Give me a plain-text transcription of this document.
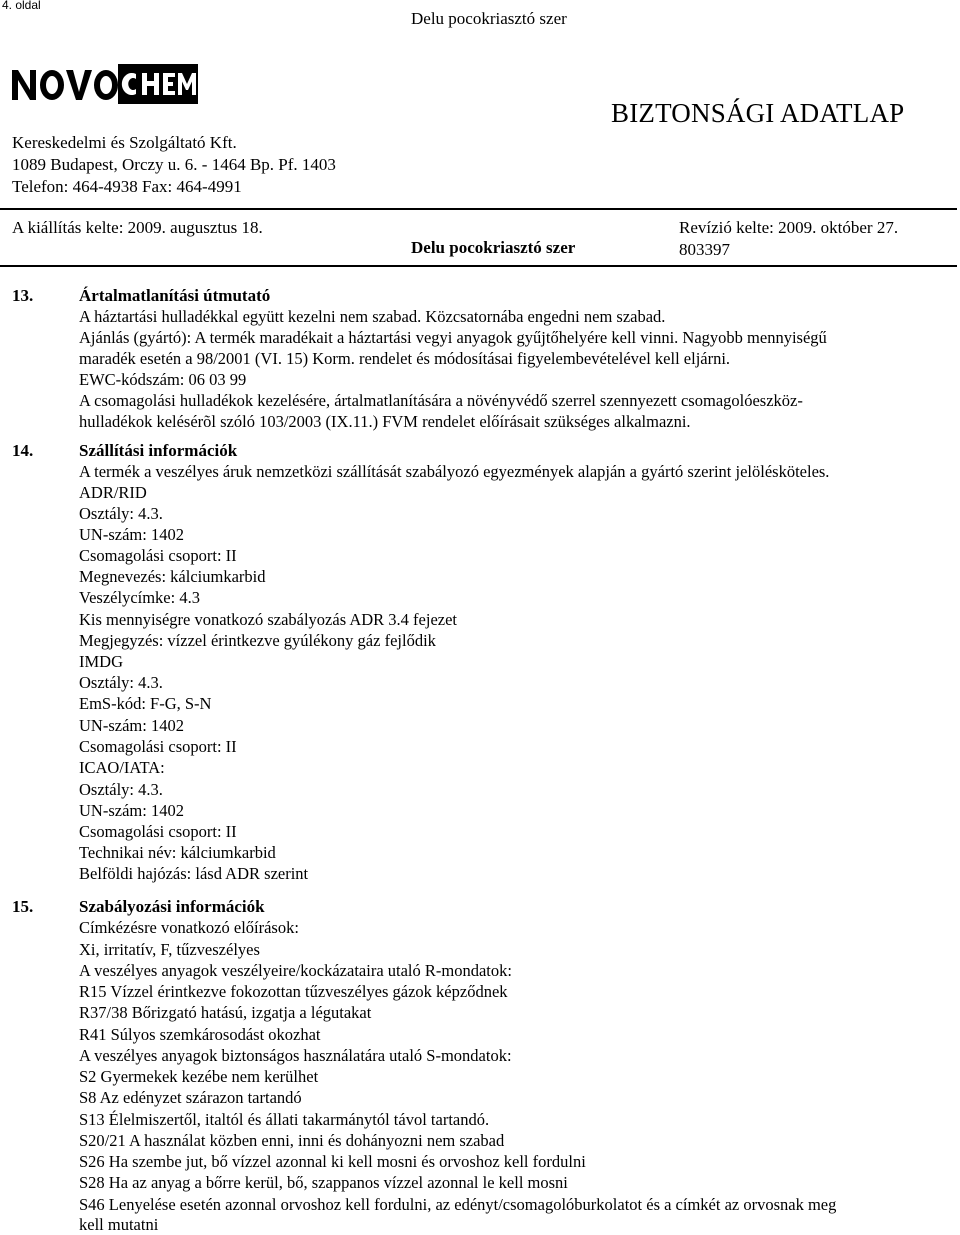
4. oldal
Delu pocokriasztó szer
Kereskedelmi és Szolgáltató Kft.
1089 Budapest, Orczy u. 6. - 1464 Bp. Pf. 1403
Telefon: 464-4938 Fax: 464-4991
BIZTONSÁGI ADATLAP
A kiállítás kelte: 2009. augusztus 18.
Delu pocokriasztó szer
Revízió kelte: 2009. október 27.
803397
13.	Ártalmatlanítási útmutató
A háztartási hulladékkal együtt kezelni nem szabad. Közcsatornába engedni nem szabad.
Ajánlás (gyártó): A termék maradékait a háztartási vegyi anyagok gyűjtőhelyére kell vinni. Nagyobb mennyiségű
maradék esetén a 98/2001 (VI. 15) Korm. rendelet és módosításai figyelembevételével kell eljárni.
EWC-kódszám: 06 03 99
A csomagolási hulladékok kezelésére, ártalmatlanítására a növényvédő szerrel szennyezett csomagolóeszköz-
hulladékok kelésérõl szóló 103/2003 (IX.11.) FVM rendelet előírásait szükséges alkalmazni.
14.	Szállítási információk
A termék a veszélyes áruk nemzetközi szállítását szabályozó egyezmények alapján a gyártó szerint jelölésköteles.
ADR/RID
Osztály: 4.3.
UN-szám: 1402
Csomagolási csoport: II
Megnevezés: kálciumkarbid
Veszélycímke: 4.3
Kis mennyiségre vonatkozó szabályozás ADR 3.4 fejezet
Megjegyzés: vízzel érintkezve gyúlékony gáz fejlődik
IMDG
Osztály: 4.3.
EmS-kód: F-G, S-N
UN-szám: 1402
Csomagolási csoport: II
ICAO/IATA:
Osztály: 4.3.
UN-szám: 1402
Csomagolási csoport: II
Technikai név: kálciumkarbid
Belföldi hajózás: lásd ADR szerint
15.	Szabályozási információk
Címkézésre vonatkozó előírások:
Xi, irritatív, F, tűzveszélyes
A veszélyes anyagok veszélyeire/kockázataira utaló R-mondatok:
R15 Vízzel érintkezve fokozottan tűzveszélyes gázok képződnek
R37/38 Bőrizgató hatású, izgatja a légutakat
R41 Súlyos szemkárosodást okozhat
A veszélyes anyagok biztonságos használatára utaló S-mondatok:
S2 Gyermekek kezébe nem kerülhet
S8 Az edényzet szárazon tartandó
S13 Élelmiszertől, italtól és állati takarmánytól távol tartandó.
S20/21 A használat közben enni, inni és dohányozni nem szabad
S26 Ha szembe jut, bő vízzel azonnal ki kell mosni és orvoshoz kell fordulni
S28 Ha az anyag a bőrre kerül, bő, szappanos vízzel azonnal le kell mosni
S46 Lenyelése esetén azonnal orvoshoz kell fordulni, az edényt/csomagolóburkolatot és a címkét az orvosnak meg
kell mutatni
